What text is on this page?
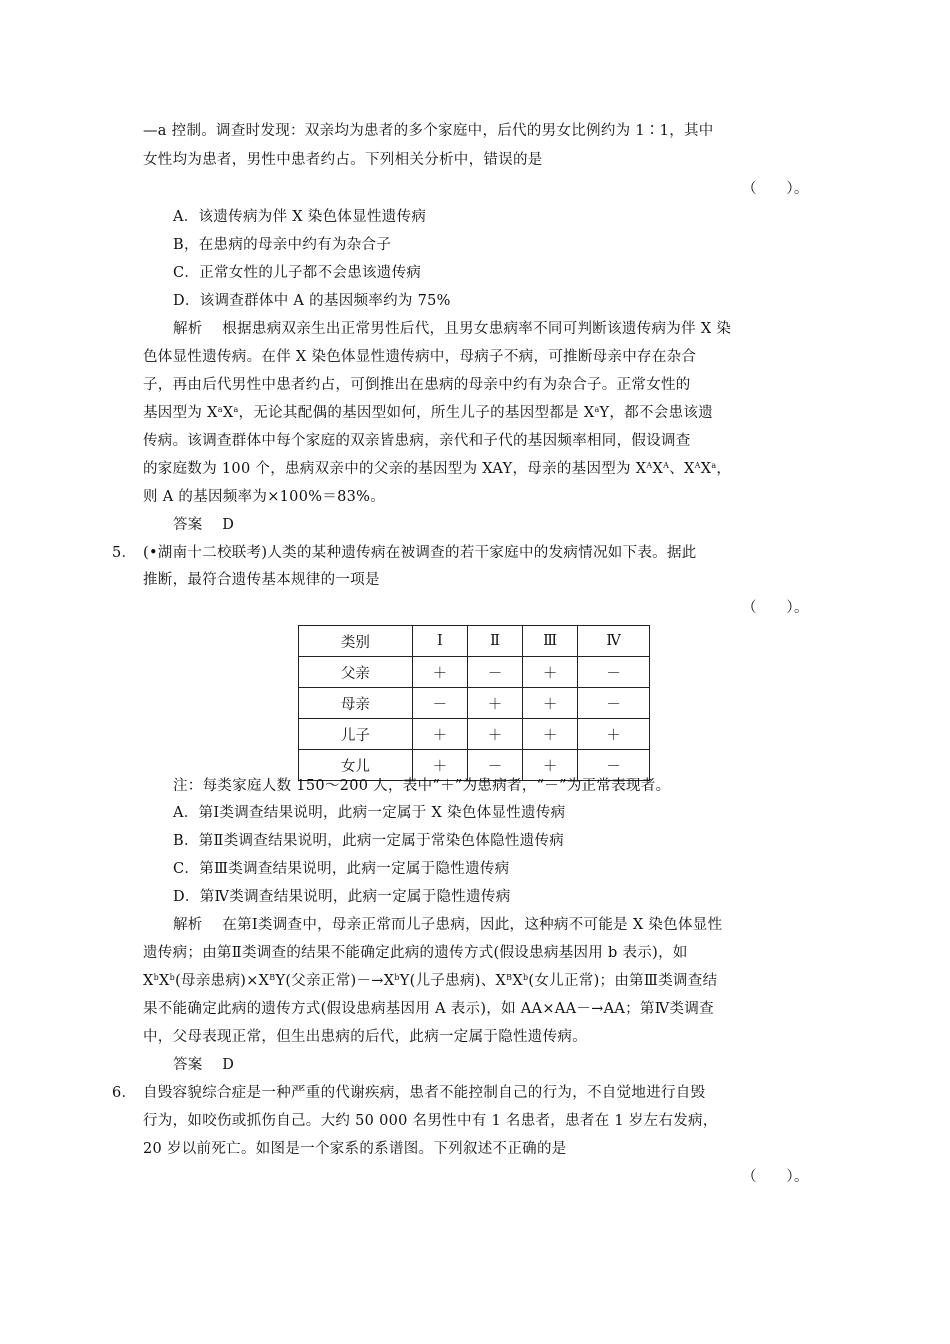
—a 控制。调查时发现：双亲均为患者的多个家庭中，后代的男女比例约为 1∶1，其中
女性均为患者，男性中患者约占。下列相关分析中，错误的是
（　　）。
A．该遗传病为伴 X 染色体显性遗传病
B，在患病的母亲中约有为杂合子
C．正常女性的儿子都不会患该遗传病
D．该调查群体中 A 的基因频率约为 75%
解析　 根据患病双亲生出正常男性后代，且男女患病率不同可判断该遗传病为伴 X 染
色体显性遗传病。在伴 X 染色体显性遗传病中，母病子不病，可推断母亲中存在杂合
子，再由后代男性中患者约占，可倒推出在患病的母亲中约有为杂合子。正常女性的
基因型为 $X^aX^a$，无论其配偶的基因型如何，所生儿子的基因型都是 $X^aY$，都不会患该遗
传病。该调查群体中每个家庭的双亲皆患病，亲代和子代的基因频率相同，假设调查
的家庭数为 100 个，患病双亲中的父亲的基因型为 XAY，母亲的基因型为 $X^AX^A$、$X^AX^a$，
则 A 的基因频率为×100%＝83%。
答案　 D
5． (•湖南十二校联考)人类的某种遗传病在被调查的若干家庭中的发病情况如下表。据此
推断，最符合遗传基本规律的一项是
（　　）。
类别	Ⅰ	Ⅱ	Ⅲ	Ⅳ
父亲	＋	－	＋	－
母亲	－	＋	＋	－
儿子	＋	＋	＋	＋
女儿	＋	－	＋	－
注：每类家庭人数 150～200 人，表中“＋”为患病者，“－”为正常表现者。
A．第Ⅰ类调查结果说明，此病一定属于 X 染色体显性遗传病
B．第Ⅱ类调查结果说明，此病一定属于常染色体隐性遗传病
C．第Ⅲ类调查结果说明，此病一定属于隐性遗传病
D．第Ⅳ类调查结果说明，此病一定属于隐性遗传病
解析　 在第Ⅰ类调查中，母亲正常而儿子患病，因此，这种病不可能是 X 染色体显性
遗传病；由第Ⅱ类调查的结果不能确定此病的遗传方式(假设患病基因用 b 表示)，如
$X^bX^b$(母亲患病)$\times X^BY$(父亲正常)$-\to X^bY$(儿子患病)、$X^BX^b$(女儿正常)；由第Ⅲ类调查结
果不能确定此病的遗传方式(假设患病基因用 A 表示)，如 AA×AA－→AA；第Ⅳ类调查
中，父母表现正常，但生出患病的后代，此病一定属于隐性遗传病。
答案　 D
6． 自毁容貌综合症是一种严重的代谢疾病，患者不能控制自己的行为，不自觉地进行自毁
行为，如咬伤或抓伤自己。大约 50 000 名男性中有 1 名患者，患者在 1 岁左右发病，
20 岁以前死亡。如图是一个家系的系谱图。下列叙述不正确的是
（　　）。
